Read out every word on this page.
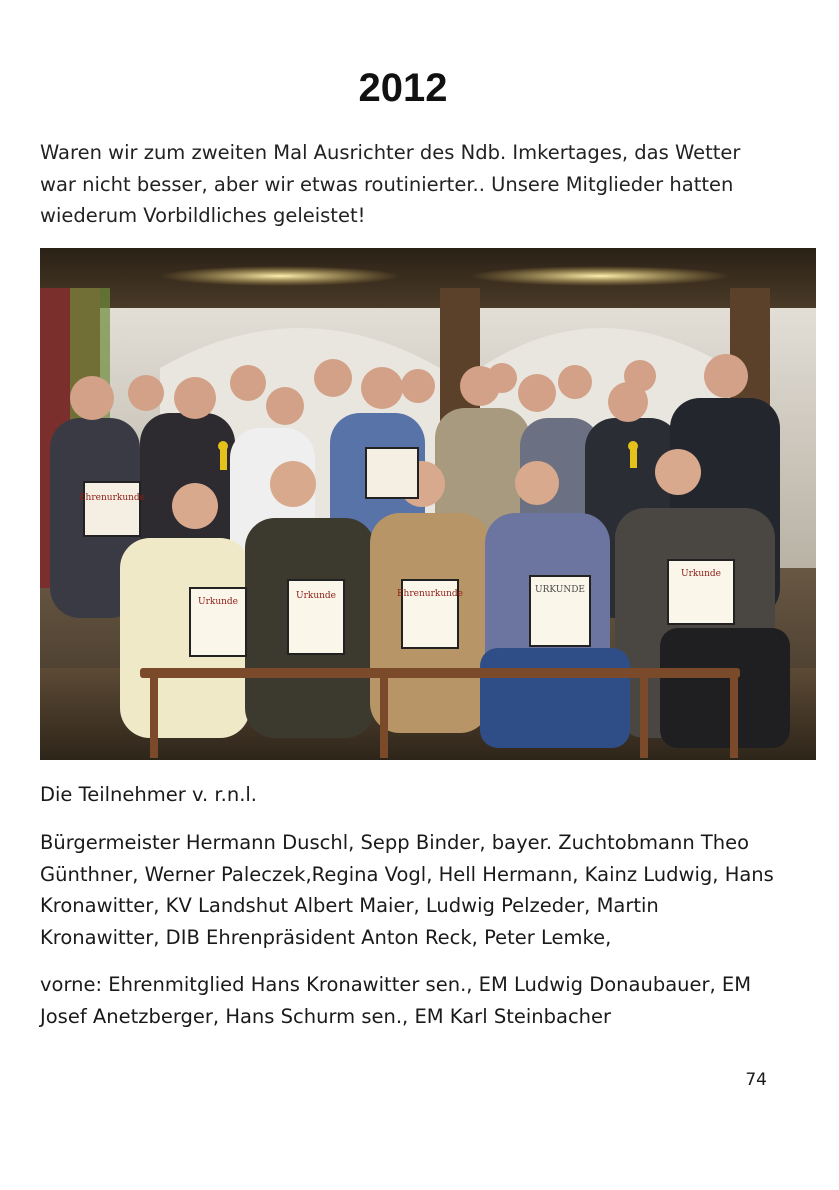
2012
Waren wir zum zweiten Mal Ausrichter des Ndb. Imkertages, das Wetter war nicht besser, aber wir etwas routinierter.. Unsere Mitglieder hatten wiederum Vorbildliches geleistet!
Urkunde
Urkunde	Ehrenurkunde	URKUNDE
Urkunde
Ehrenurkunde
Die Teilnehmer v. r.n.l.
Bürgermeister Hermann Duschl, Sepp Binder, bayer. Zuchtobmann Theo Günthner, Werner Paleczek,Regina Vogl, Hell Hermann, Kainz Ludwig, Hans Kronawitter, KV Landshut Albert Maier, Ludwig Pelzeder, Martin Kronawitter, DIB Ehrenpräsident Anton Reck, Peter Lemke,
vorne: Ehrenmitglied Hans Kronawitter sen., EM Ludwig Donaubauer, EM Josef Anetzberger, Hans Schurm sen., EM Karl Steinbacher
74
